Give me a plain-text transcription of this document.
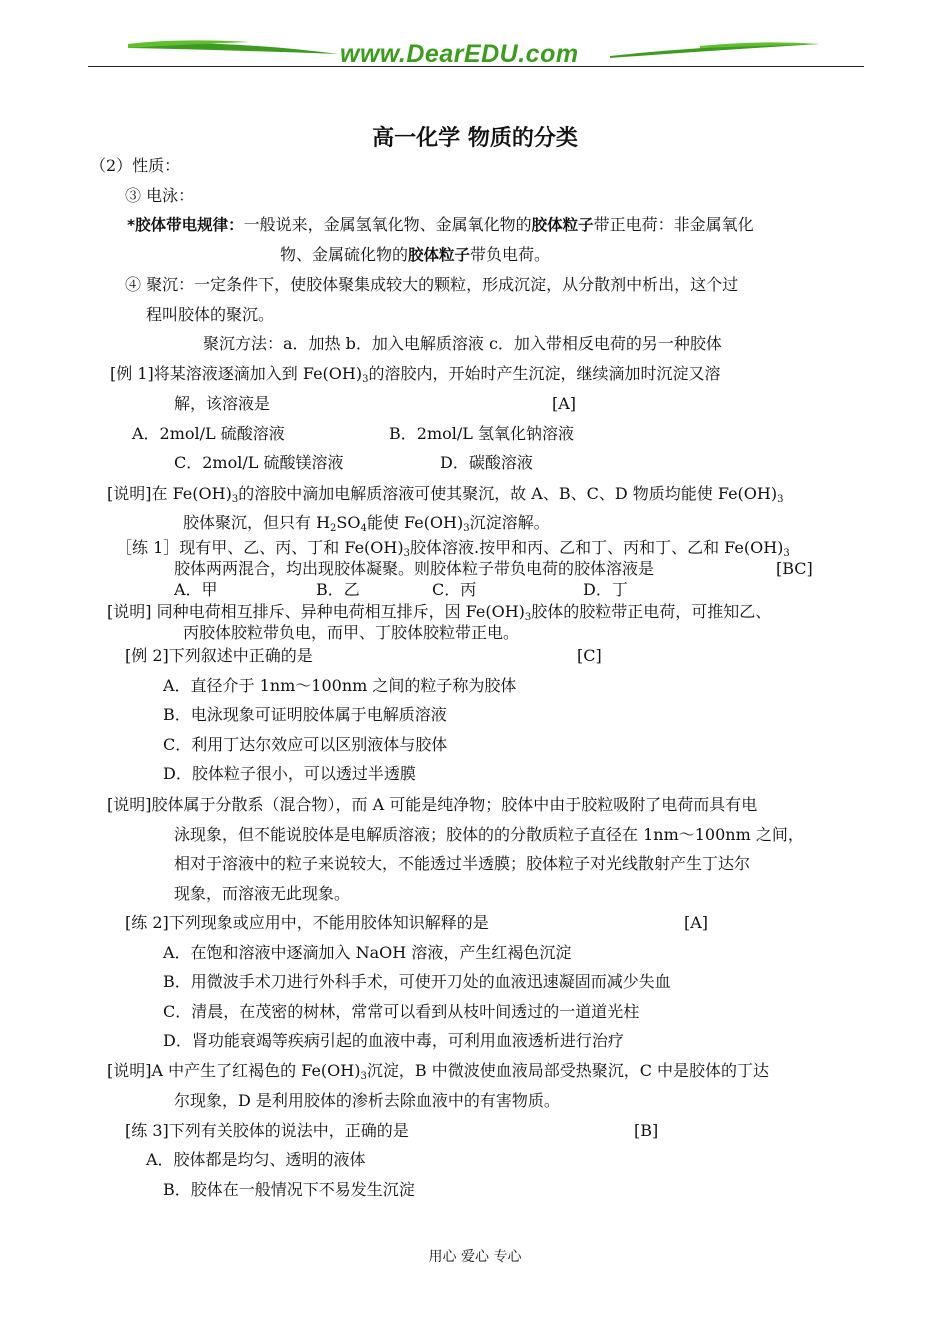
www.DearEDU.com
高一化学 物质的分类
（2）性质：
③ 电泳：
*胶体带电规律：一般说来，金属氢氧化物、金属氧化物的胶体粒子带正电荷：非金属氧化
物、金属硫化物的胶体粒子带负电荷。
④ 聚沉：一定条件下，使胶体聚集成较大的颗粒，形成沉淀，从分散剂中析出，这个过
程叫胶体的聚沉。
聚沉方法：a．加热 b．加入电解质溶液 c．加入带相反电荷的另一种胶体
[例 1]将某溶液逐滴加入到 $Fe(OH)_3$的溶胶内，开始时产生沉淀，继续滴加时沉淀又溶
解，该溶液是	[A]
A．2mol/L 硫酸溶液	B．2mol/L 氢氧化钠溶液
C．2mol/L 硫酸镁溶液	D．碳酸溶液
[说明]在 $Fe(OH)_3$的溶胶中滴加电解质溶液可使其聚沉，故 A、B、C、D 物质均能使 $Fe(OH)_3$
胶体聚沉，但只有 $H_2SO_4$能使 $Fe(OH)_3$沉淀溶解。
［练 1］现有甲、乙、丙、丁和 $Fe(OH)_3$胶体溶液.按甲和丙、乙和丁、丙和丁、乙和 $Fe(OH)_3$
胶体两两混合，均出现胶体凝聚。则胶体粒子带负电荷的胶体溶液是	[BC]
A．甲	B．乙	C．丙	D．丁
[说明] 同种电荷相互排斥、异种电荷相互排斥，因 $Fe(OH)_3$胶体的胶粒带正电荷，可推知乙、
丙胶体胶粒带负电，而甲、丁胶体胶粒带正电。
[例 2]下列叙述中正确的是	[C]
A．直径介于 1nm～100nm 之间的粒子称为胶体
B．电泳现象可证明胶体属于电解质溶液
C．利用丁达尔效应可以区别液体与胶体
D．胶体粒子很小，可以透过半透膜
[说明]胶体属于分散系（混合物），而 A 可能是纯净物；胶体中由于胶粒吸附了电荷而具有电
泳现象，但不能说胶体是电解质溶液；胶体的的分散质粒子直径在 1nm～100nm 之间，
相对于溶液中的粒子来说较大，不能透过半透膜；胶体粒子对光线散射产生丁达尔
现象，而溶液无此现象。
[练 2]下列现象或应用中，不能用胶体知识解释的是	[A]
A．在饱和溶液中逐滴加入 NaOH 溶液，产生红褐色沉淀
B．用微波手术刀进行外科手术，可使开刀处的血液迅速凝固而减少失血
C．清晨，在茂密的树林，常常可以看到从枝叶间透过的一道道光柱
D．肾功能衰竭等疾病引起的血液中毒，可利用血液透析进行治疗
[说明]A 中产生了红褐色的 $Fe(OH)_3$沉淀，B 中微波使血液局部受热聚沉，C 中是胶体的丁达
尔现象，D 是利用胶体的渗析去除血液中的有害物质。
[练 3]下列有关胶体的说法中，正确的是	[B]
A．胶体都是均匀、透明的液体
B．胶体在一般情况下不易发生沉淀
用心 爱心 专心
